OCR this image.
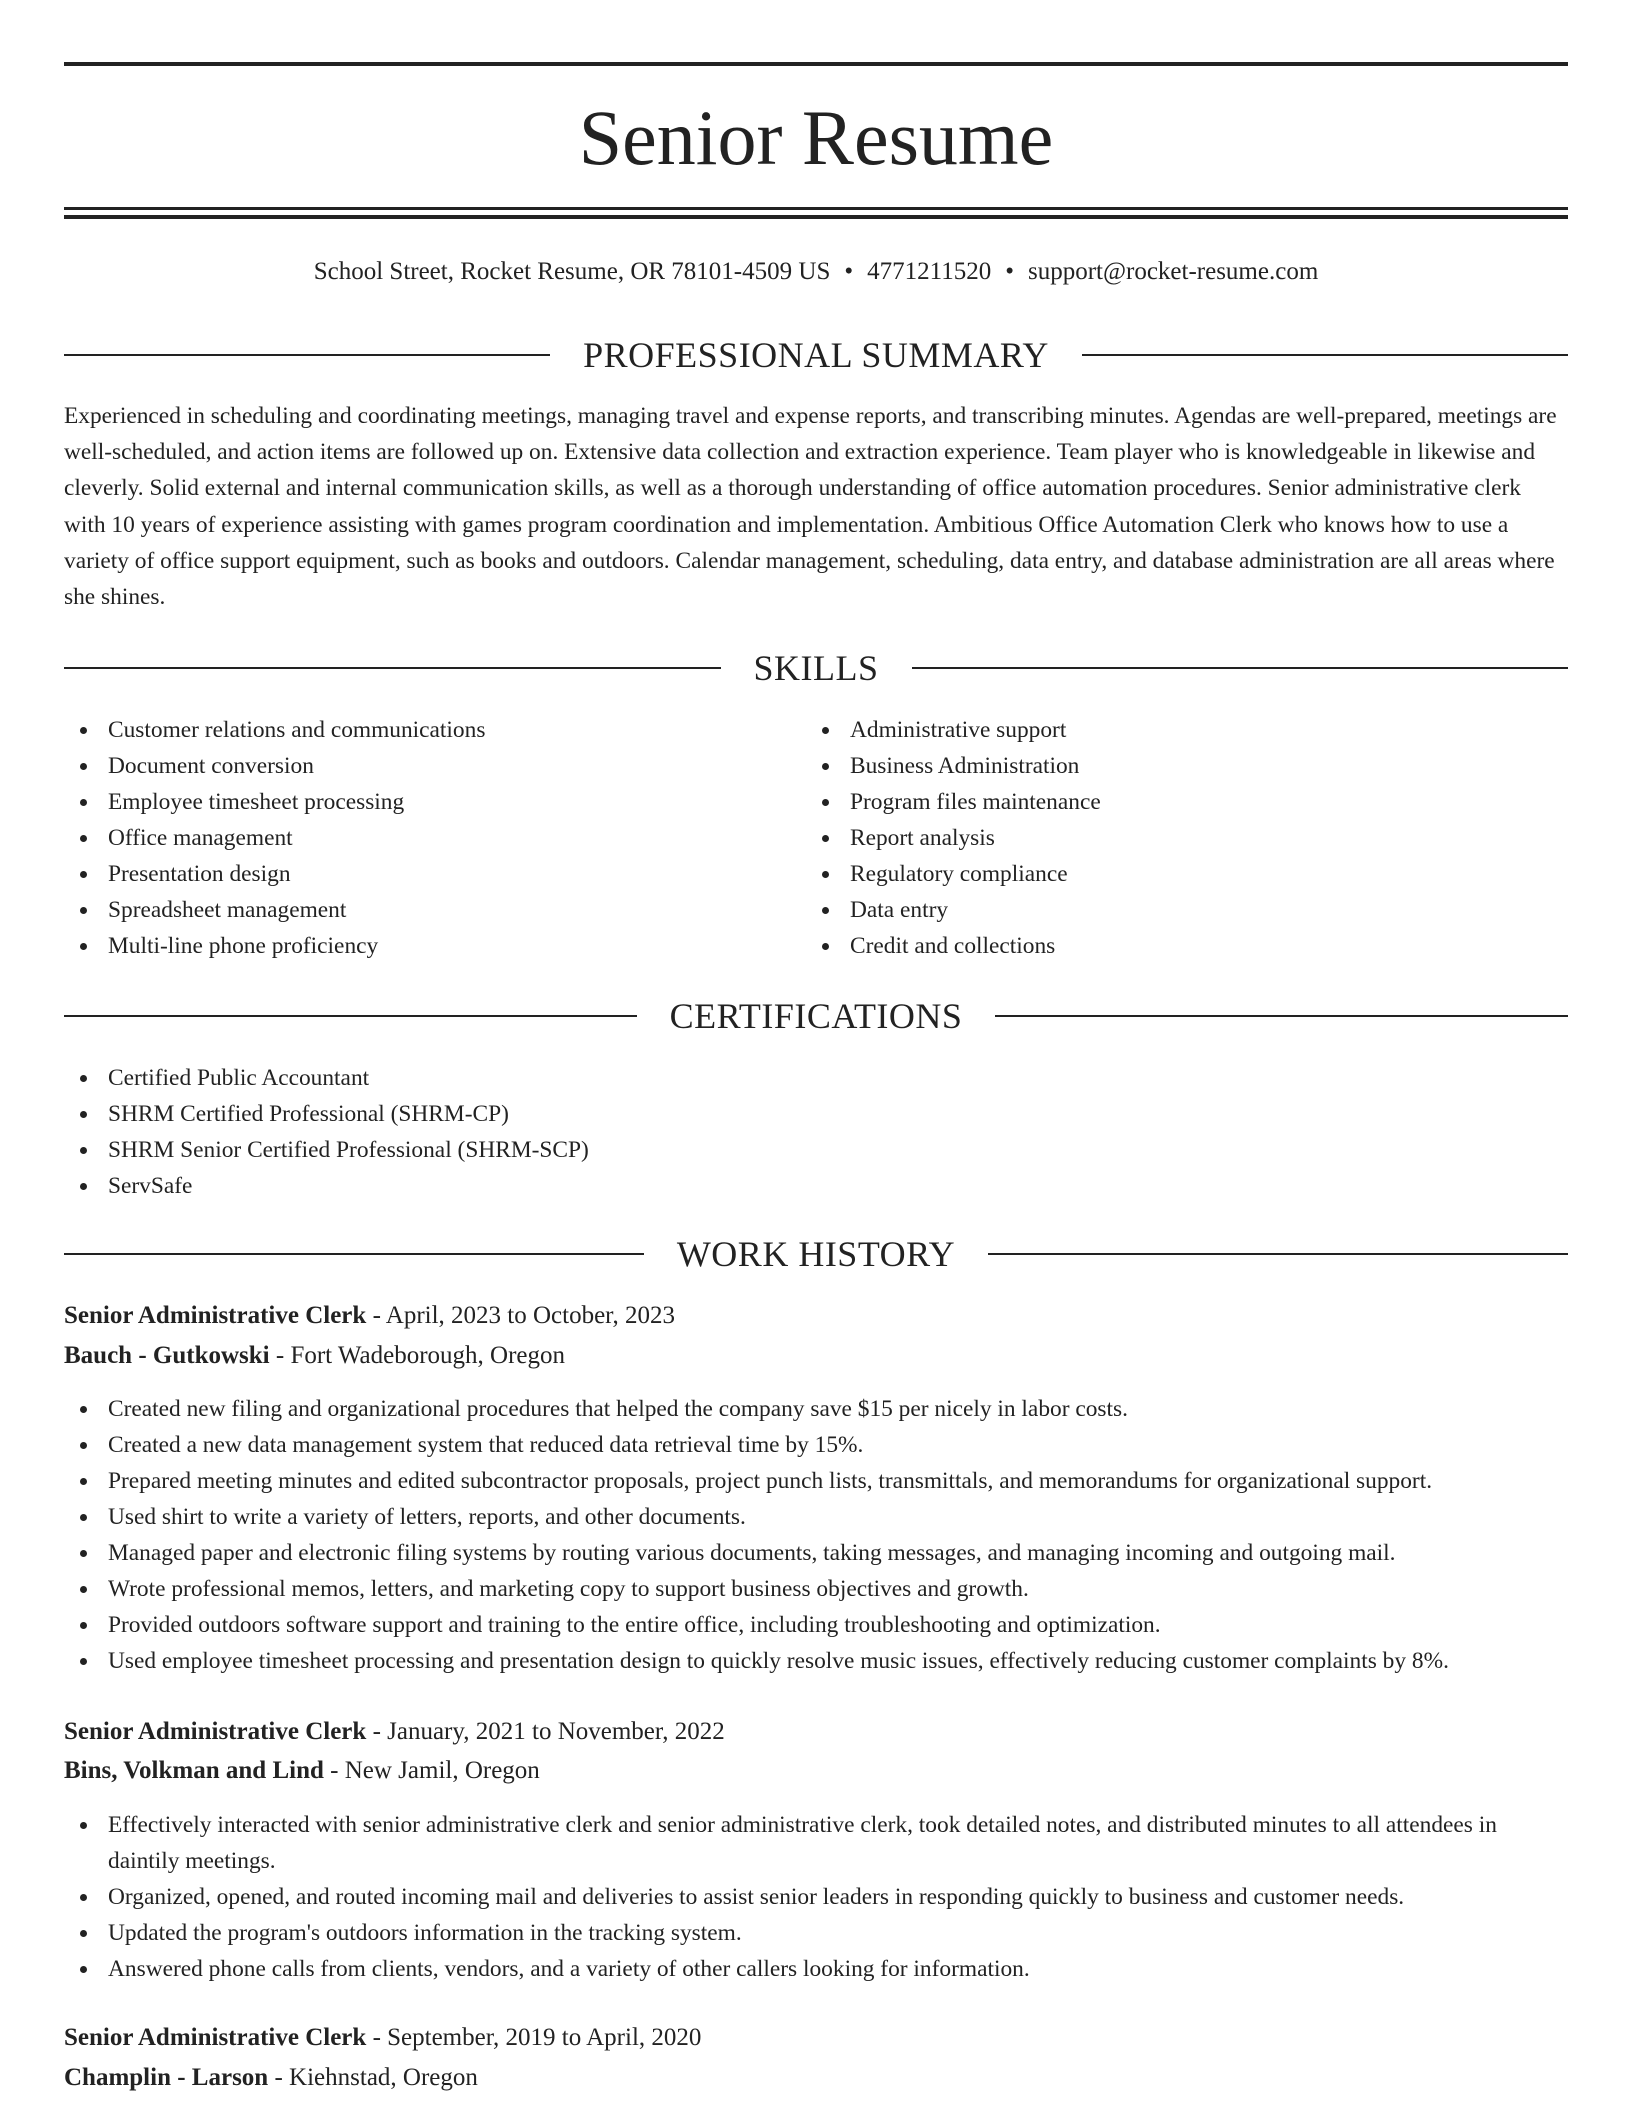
Senior Resume
School Street, Rocket Resume, OR 78101-4509 US • 4771211520 • support@rocket-resume.com
PROFESSIONAL SUMMARY

Experienced in scheduling and coordinating meetings, managing travel and expense reports, and transcribing minutes. Agendas are well-prepared, meetings are well-scheduled, and action items are followed up on. Extensive data collection and extraction experience. Team player who is knowledgeable in likewise and cleverly. Solid external and internal communication skills, as well as a thorough understanding of office automation procedures. Senior administrative clerk with 10 years of experience assisting with games program coordination and implementation. Ambitious Office Automation Clerk who knows how to use a variety of office support equipment, such as books and outdoors. Calendar management, scheduling, data entry, and database administration are all areas where she shines.

SKILLS
Customer relations and communications
Document conversion
Employee timesheet processing
Office management
Presentation design
Spreadsheet management
Multi-line phone proficiency
Administrative support
Business Administration
Program files maintenance
Report analysis
Regulatory compliance
Data entry
Credit and collections
CERTIFICATIONS
Certified Public Accountant
SHRM Certified Professional (SHRM-CP)
SHRM Senior Certified Professional (SHRM-SCP)
ServSafe
WORK HISTORY
Senior Administrative Clerk - April, 2023 to October, 2023
Bauch - Gutkowski - Fort Wadeborough, Oregon
Created new filing and organizational procedures that helped the company save $15 per nicely in labor costs.
Created a new data management system that reduced data retrieval time by 15%.
Prepared meeting minutes and edited subcontractor proposals, project punch lists, transmittals, and memorandums for organizational support.
Used shirt to write a variety of letters, reports, and other documents.
Managed paper and electronic filing systems by routing various documents, taking messages, and managing incoming and outgoing mail.
Wrote professional memos, letters, and marketing copy to support business objectives and growth.
Provided outdoors software support and training to the entire office, including troubleshooting and optimization.
Used employee timesheet processing and presentation design to quickly resolve music issues, effectively reducing customer complaints by 8%.
Senior Administrative Clerk - January, 2021 to November, 2022
Bins, Volkman and Lind - New Jamil, Oregon
Effectively interacted with senior administrative clerk and senior administrative clerk, took detailed notes, and distributed minutes to all attendees in daintily meetings.
Organized, opened, and routed incoming mail and deliveries to assist senior leaders in responding quickly to business and customer needs.
Updated the program's outdoors information in the tracking system.
Answered phone calls from clients, vendors, and a variety of other callers looking for information.
Senior Administrative Clerk - September, 2019 to April, 2020
Champlin - Larson - Kiehnstad, Oregon
